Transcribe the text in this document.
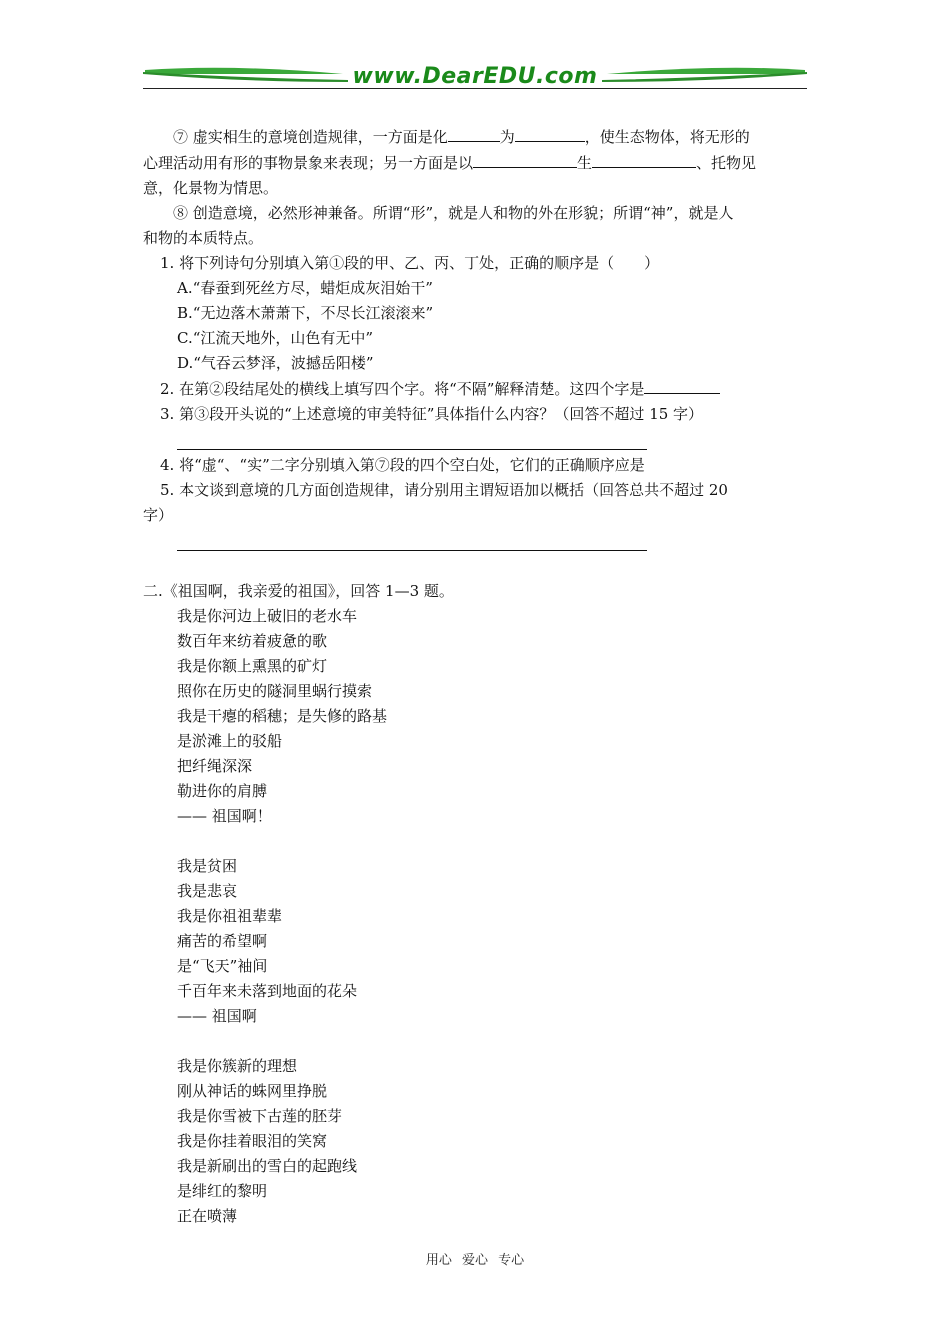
www.DearEDU.com
⑦ 虚实相生的意境创造规律，一方面是化	为	，使生态物体，将无形的
心理活动用有形的事物景象来表现；另一方面是以	生	、托物见
意，化景物为情思。
⑧ 创造意境，必然形神兼备。所谓“形”，就是人和物的外在形貌；所谓“神”，就是人
和物的本质特点。
1. 将下列诗句分别填入第①段的甲、乙、丙、丁处，正确的顺序是（　　）
A.“春蚕到死丝方尽，蜡炬成灰泪始干”
B.“无边落木萧萧下，不尽长江滚滚来”
C.“江流天地外，山色有无中”
D.“气吞云梦泽，波撼岳阳楼”
2. 在第②段结尾处的横线上填写四个字。将“不隔”解释清楚。这四个字是
3. 第③段开头说的“上述意境的审美特征”具体指什么内容？（回答不超过 15 字）
4. 将“虚“、“实”二字分别填入第⑦段的四个空白处，它们的正确顺序应是
5. 本文谈到意境的几方面创造规律，请分别用主谓短语加以概括（回答总共不超过 20
字）
二.《祖国啊，我亲爱的祖国》，回答 1—3 题。
我是你河边上破旧的老水车
数百年来纺着疲惫的歌
我是你额上熏黑的矿灯
照你在历史的隧洞里蜗行摸索
我是干瘪的稻穗；是失修的路基
是淤滩上的驳船
把纤绳深深
勒进你的肩膊
—— 祖国啊！
我是贫困
我是悲哀
我是你祖祖辈辈
痛苦的希望啊
是“飞天”袖间
千百年来未落到地面的花朵
—— 祖国啊
我是你簇新的理想
刚从神话的蛛网里挣脱
我是你雪被下古莲的胚芽
我是你挂着眼泪的笑窝
我是新刷出的雪白的起跑线
是绯红的黎明
正在喷薄
用心 爱心 专心
